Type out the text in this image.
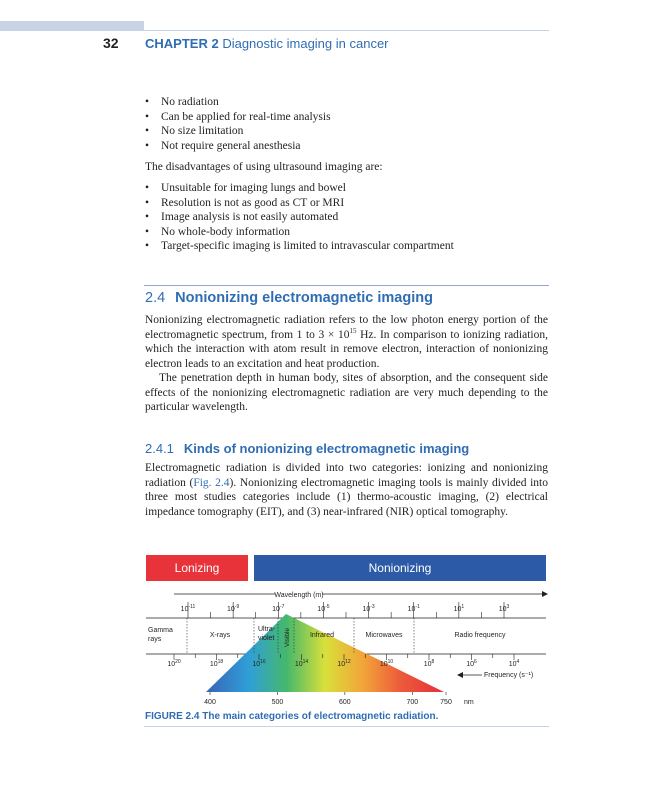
32 CHAPTER 2 Diagnostic imaging in cancer
• No radiation
• Can be applied for real-time analysis
• No size limitation
• Not require general anesthesia

The disadvantages of using ultrasound imaging are:

• Unsuitable for imaging lungs and bowel
• Resolution is not as good as CT or MRI
• Image analysis is not easily automated
• No whole-body information
• Target-specific imaging is limited to intravascular compartment
2.4 Nonionizing electromagnetic imaging

Nonionizing electromagnetic radiation refers to the low photon energy portion of the electromagnetic spectrum, from 1 to $3 \times 10^{15}$ Hz. In comparison to ionizing radiation, which the interaction with atom result in remove electron, interaction of nonionizing electron leads to an excitation and heat production.

The penetration depth in human body, sites of absorption, and the consequent side effects of the nonionizing electromagnetic radiation are very much depending to the particular wavelength.

2.4.1 Kinds of nonionizing electromagnetic imaging

Electromagnetic radiation is divided into two categories: ionizing and nonionizing radiation (Fig. 2.4). Nonionizing electromagnetic imaging tools is mainly divided into three most studies categories include (1) thermo-acoustic imaging, (2) electrical impedance tomography (EIT), and (3) near-infrared (NIR) optical tomography.

Lonizing	Nonionizing
Wavelength (m)
$10^{-11}$	$10^{-9}$	$10^{-7}$	$10^{-5}$	$10^{-3}$	$10^{-1}$	$10^1$	$10^3$
Gamma
rays
X-rays
Ultra-
violet Visible	Infrared	Microwaves	Radio frequency
$10^{20}$	$10^{18}$	$10^{16}$	$10^{14}$	$10^{12}$	$10^{10}$	$10^8$	$10^6$	$10^4$
Frequency (s⁻¹)
400	500	600	700	750 nm
FIGURE 2.4 The main categories of electromagnetic radiation.
